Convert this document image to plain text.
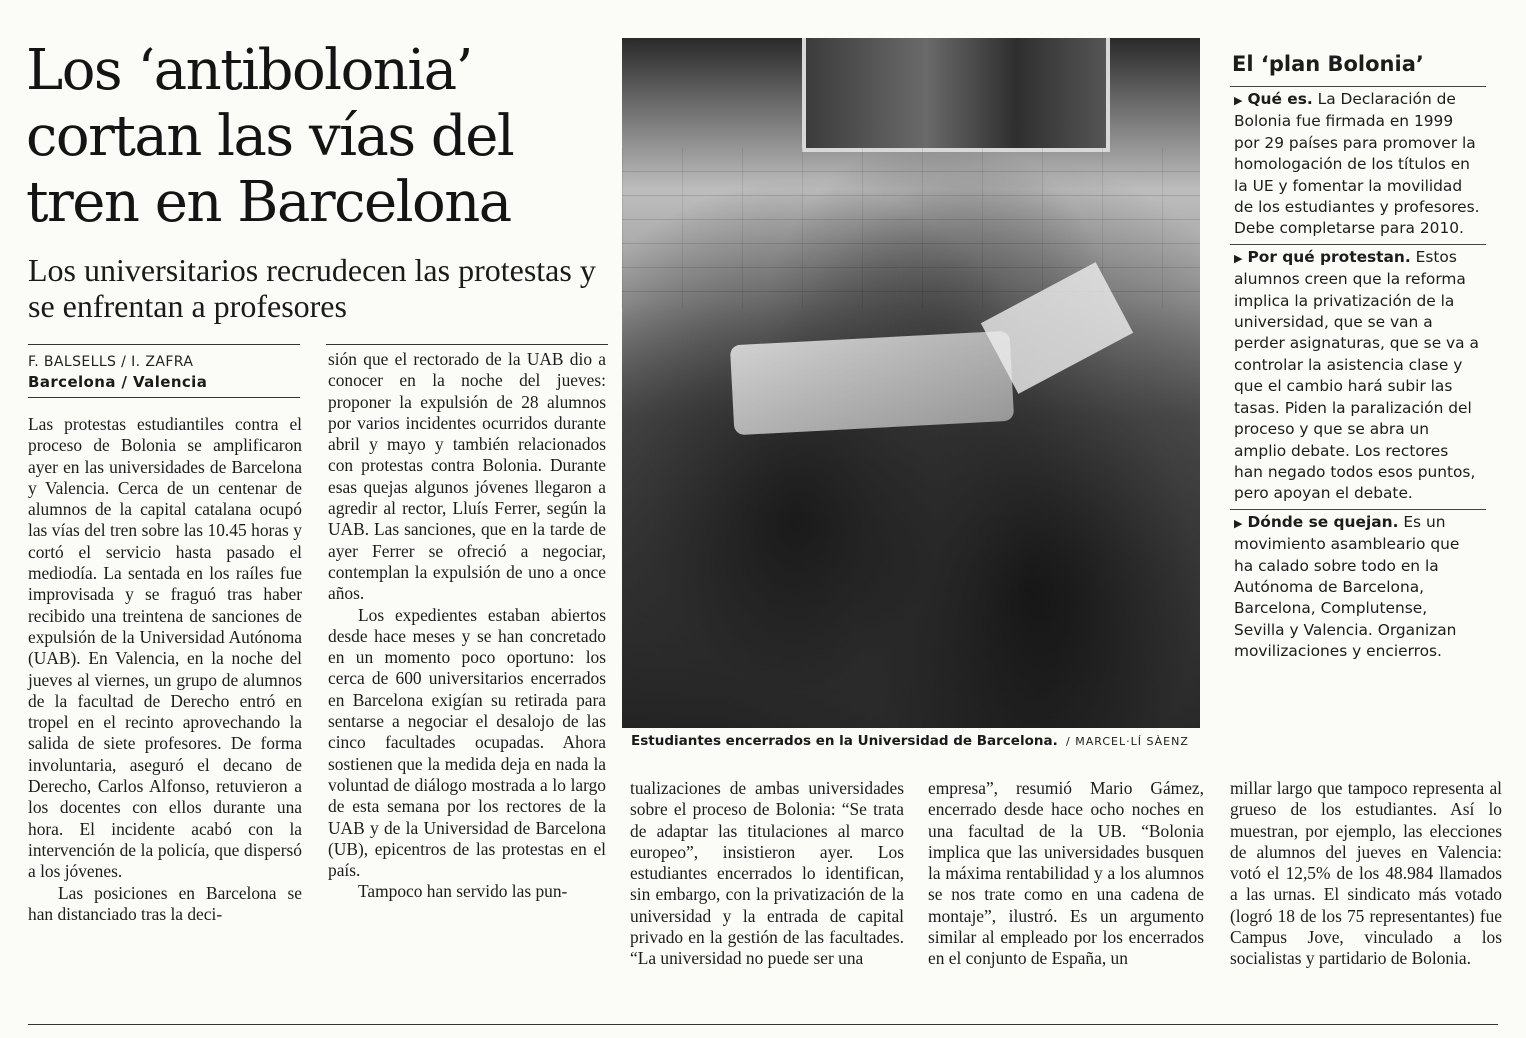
Los ‘antibolonia’ cortan las vías del tren en Barcelona
Los universitarios recrudecen las protestas y se enfrentan a profesores
F. BALSELLS / I. ZAFRA
Barcelona / Valencia

Las protestas estudiantiles contra el proceso de Bolonia se amplificaron ayer en las universidades de Barcelona y Valencia. Cerca de un centenar de alumnos de la capital catalana ocupó las vías del tren sobre las 10.45 horas y cortó el servicio hasta pasado el mediodía. La sentada en los raíles fue improvisada y se fraguó tras haber recibido una treintena de sanciones de expulsión de la Universidad Autónoma (UAB). En Valencia, en la noche del jueves al viernes, un grupo de alumnos de la facultad de Derecho entró en tropel en el recinto aprovechando la salida de siete profesores. De forma involuntaria, aseguró el decano de Derecho, Carlos Alfonso, retuvieron a los docentes con ellos durante una hora. El incidente acabó con la intervención de la policía, que dispersó a los jóvenes.

Las posiciones en Barcelona se han distanciado tras la deci-

sión que el rectorado de la UAB dio a conocer en la noche del jueves: proponer la expulsión de 28 alumnos por varios incidentes ocurridos durante abril y mayo y también relacionados con protestas contra Bolonia. Durante esas quejas algunos jóvenes llegaron a agredir al rector, Lluís Ferrer, según la UAB. Las sanciones, que en la tarde de ayer Ferrer se ofreció a negociar, contemplan la expulsión de uno a once años.

Los expedientes estaban abiertos desde hace meses y se han concretado en un momento poco oportuno: los cerca de 600 universitarios encerrados en Barcelona exigían su retirada para sentarse a negociar el desalojo de las cinco facultades ocupadas. Ahora sostienen que la medida deja en nada la voluntad de diálogo mostrada a lo largo de esta semana por los rectores de la UAB y de la Universidad de Barcelona (UB), epicentros de las protestas en el país.

Tampoco han servido las pun-

Estudiantes encerrados en la Universidad de Barcelona. / MARCEL·LÍ SÀENZ

tualizaciones de ambas universidades sobre el proceso de Bolonia: “Se trata de adaptar las titulaciones al marco europeo”, insistieron ayer. Los estudiantes encerrados lo identifican, sin embargo, con la privatización de la universidad y la entrada de capital privado en la gestión de las facultades. “La universidad no puede ser una

empresa”, resumió Mario Gámez, encerrado desde hace ocho noches en una facultad de la UB. “Bolonia implica que las universidades busquen la máxima rentabilidad y a los alumnos se nos trate como en una cadena de montaje”, ilustró. Es un argumento similar al empleado por los encerrados en el conjunto de España, un

millar largo que tampoco representa al grueso de los estudiantes. Así lo muestran, por ejemplo, las elecciones de alumnos del jueves en Valencia: votó el 12,5% de los 48.984 llamados a las urnas. El sindicato más votado (logró 18 de los 75 representantes) fue Campus Jove, vinculado a los socialistas y partidario de Bolonia.

El ‘plan Bolonia’
▶ Qué es. La Declaración de Bolonia fue firmada en 1999 por 29 países para promover la homologación de los títulos en la UE y fomentar la movilidad de los estudiantes y profesores. Debe completarse para 2010.
▶ Por qué protestan. Estos alumnos creen que la reforma implica la privatización de la universidad, que se van a perder asignaturas, que se va a controlar la asistencia clase y que el cambio hará subir las tasas. Piden la paralización del proceso y que se abra un amplio debate. Los rectores han negado todos esos puntos, pero apoyan el debate.
▶ Dónde se quejan. Es un movimiento asambleario que ha calado sobre todo en la Autónoma de Barcelona, Barcelona, Complutense, Sevilla y Valencia. Organizan movilizaciones y encierros.
